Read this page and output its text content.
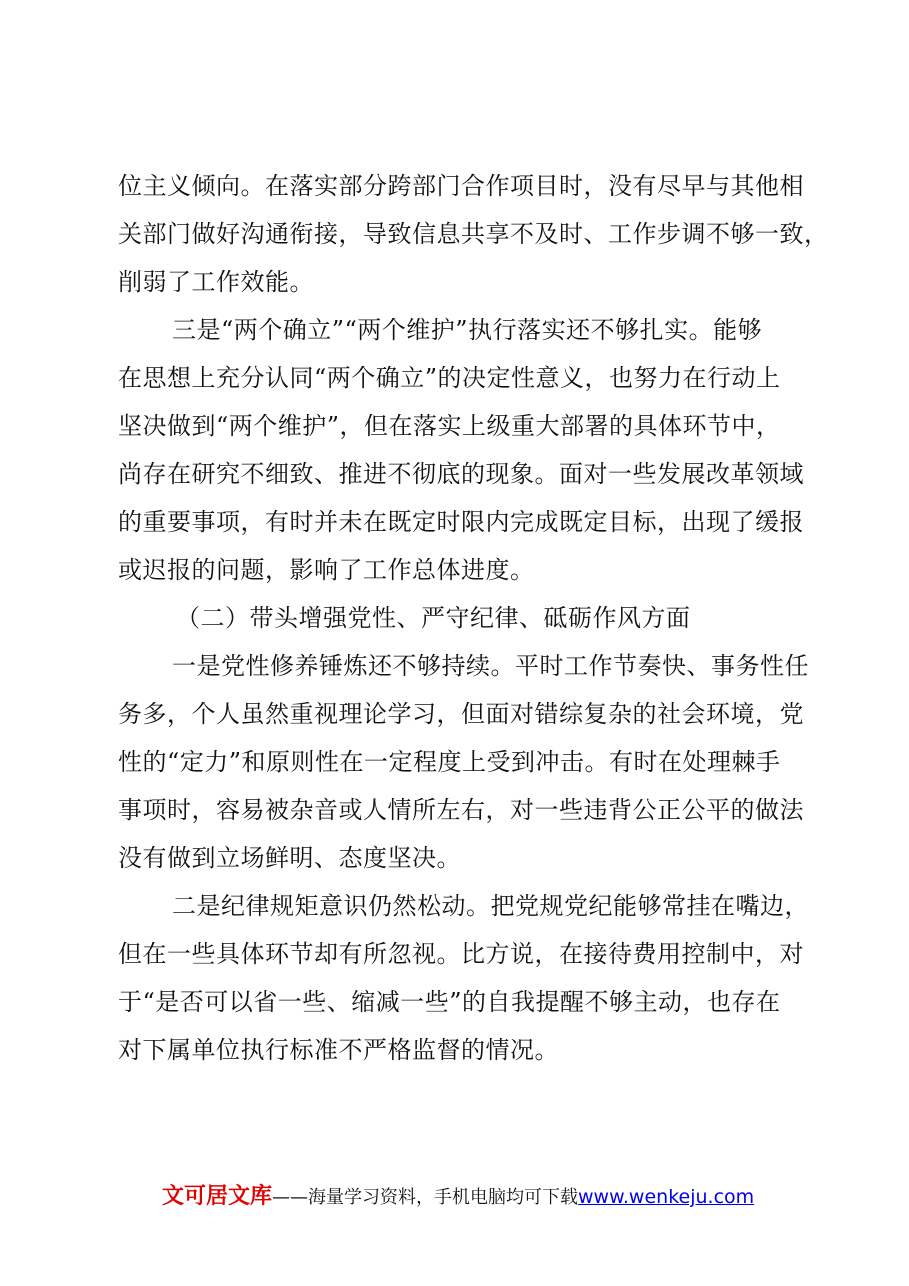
位主义倾向。在落实部分跨部门合作项目时，没有尽早与其他相
关部门做好沟通衔接，导致信息共享不及时、工作步调不够一致，
削弱了工作效能。
三是“两个确立”“两个维护”执行落实还不够扎实。能够
在思想上充分认同“两个确立”的决定性意义，也努力在行动上
坚决做到“两个维护”，但在落实上级重大部署的具体环节中，
尚存在研究不细致、推进不彻底的现象。面对一些发展改革领域
的重要事项，有时并未在既定时限内完成既定目标，出现了缓报
或迟报的问题，影响了工作总体进度。
（二）带头增强党性、严守纪律、砥砺作风方面
一是党性修养锤炼还不够持续。平时工作节奏快、事务性任
务多，个人虽然重视理论学习，但面对错综复杂的社会环境，党
性的“定力”和原则性在一定程度上受到冲击。有时在处理棘手
事项时，容易被杂音或人情所左右，对一些违背公正公平的做法
没有做到立场鲜明、态度坚决。
二是纪律规矩意识仍然松动。把党规党纪能够常挂在嘴边，
但在一些具体环节却有所忽视。比方说，在接待费用控制中，对
于“是否可以省一些、缩减一些”的自我提醒不够主动，也存在
对下属单位执行标准不严格监督的情况。
文可居文库——海量学习资料，手机电脑均可下载www.wenkeju.com
